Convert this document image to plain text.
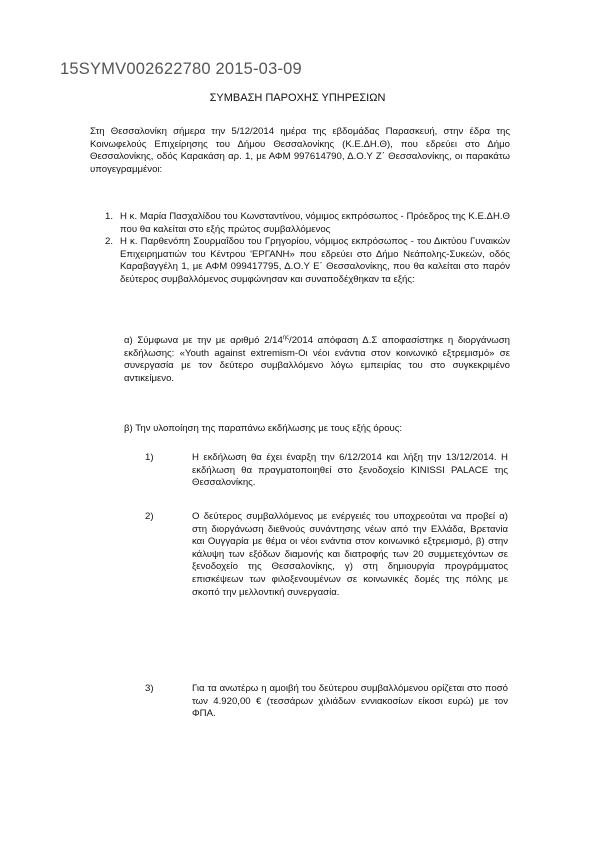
15SYMV002622780 2015-03-09
ΣΥΜΒΑΣΗ ΠΑΡΟΧΗΣ ΥΠΗΡΕΣΙΩΝ
Στη Θεσσαλονίκη σήμερα την 5/12/2014 ημέρα της εβδομάδας Παρασκευή, στην έδρα της Κοινωφελούς Επιχείρησης του Δήμου Θεσσαλονίκης (Κ.Ε.ΔΗ.Θ), που εδρεύει στο Δήμο Θεσσαλονίκης, οδός Καρακάση αρ. 1, με ΑΦΜ 997614790, Δ.Ο.Υ Ζ΄ Θεσσαλονίκης, οι παρακάτω υπογεγραμμένοι:
1. Η κ. Μαρία Πασχαλίδου του Κωνσταντίνου, νόμιμος εκπρόσωπος - Πρόεδρος της Κ.Ε.ΔΗ.Θ που θα καλείται στο εξής πρώτος συμβαλλόμενος
2. Η κ. Παρθενόπη Σουρμαΐδου του Γρηγορίου, νόμιμος εκπρόσωπος - του Δικτύου Γυναικών Επιχειρηματιών του Κέντρου 'ΕΡΓΑΝΗ» που εδρεύει στο Δήμο Νεάπολης-Συκεών, οδός Καραβαγγέλη 1, με ΑΦΜ 099417795, Δ.Ο.Υ Ε΄ Θεσσαλονίκης, που θα καλείται στο παρόν δεύτερος συμβαλλόμενος συμφώνησαν και συναποδέχθηκαν τα εξής:
α) Σύμφωνα με την με αριθμό $2/14^{\eta\varsigma}/2014$ απόφαση Δ.Σ αποφασίστηκε η διοργάνωση εκδήλωσης: «Youth against extremism-Οι νέοι ενάντια στον κοινωνικό εξτρεμισμό» σε συνεργασία με τον δεύτερο συμβαλλόμενο λόγω εμπειρίας του στο συγκεκριμένο αντικείμενο.
β) Την υλοποίηση της παραπάνω εκδήλωσης με τους εξής όρους:
1)	Η εκδήλωση θα έχει έναρξη την 6/12/2014 και λήξη την 13/12/2014. Η εκδήλωση θα πραγματοποιηθεί στο ξενοδοχείο KINISSI PALACE της Θεσσαλονίκης.
2)	Ο δεύτερος συμβαλλόμενος με ενέργειές του υποχρεούται να προβεί α) στη διοργάνωση διεθνούς συνάντησης νέων από την Ελλάδα, Βρετανία και Ουγγαρία με θέμα οι νέοι ενάντια στον κοινωνικό εξτρεμισμό, β) στην κάλυψη των εξόδων διαμονής και διατροφής των 20 συμμετεχόντων σε ξενοδοχείο της Θεσσαλονίκης, γ) στη δημιουργία προγράμματος επισκέψεων των φιλοξενουμένων σε κοινωνικές δομές της πόλης με σκοπό την μελλοντική συνεργασία.
3)	Για τα ανωτέρω η αμοιβή του δεύτερου συμβαλλόμενου ορίζεται στο ποσό των 4.920,00 € (τεσσάρων χιλιάδων εννιακοσίων είκοσι ευρώ) με τον ΦΠΑ.
